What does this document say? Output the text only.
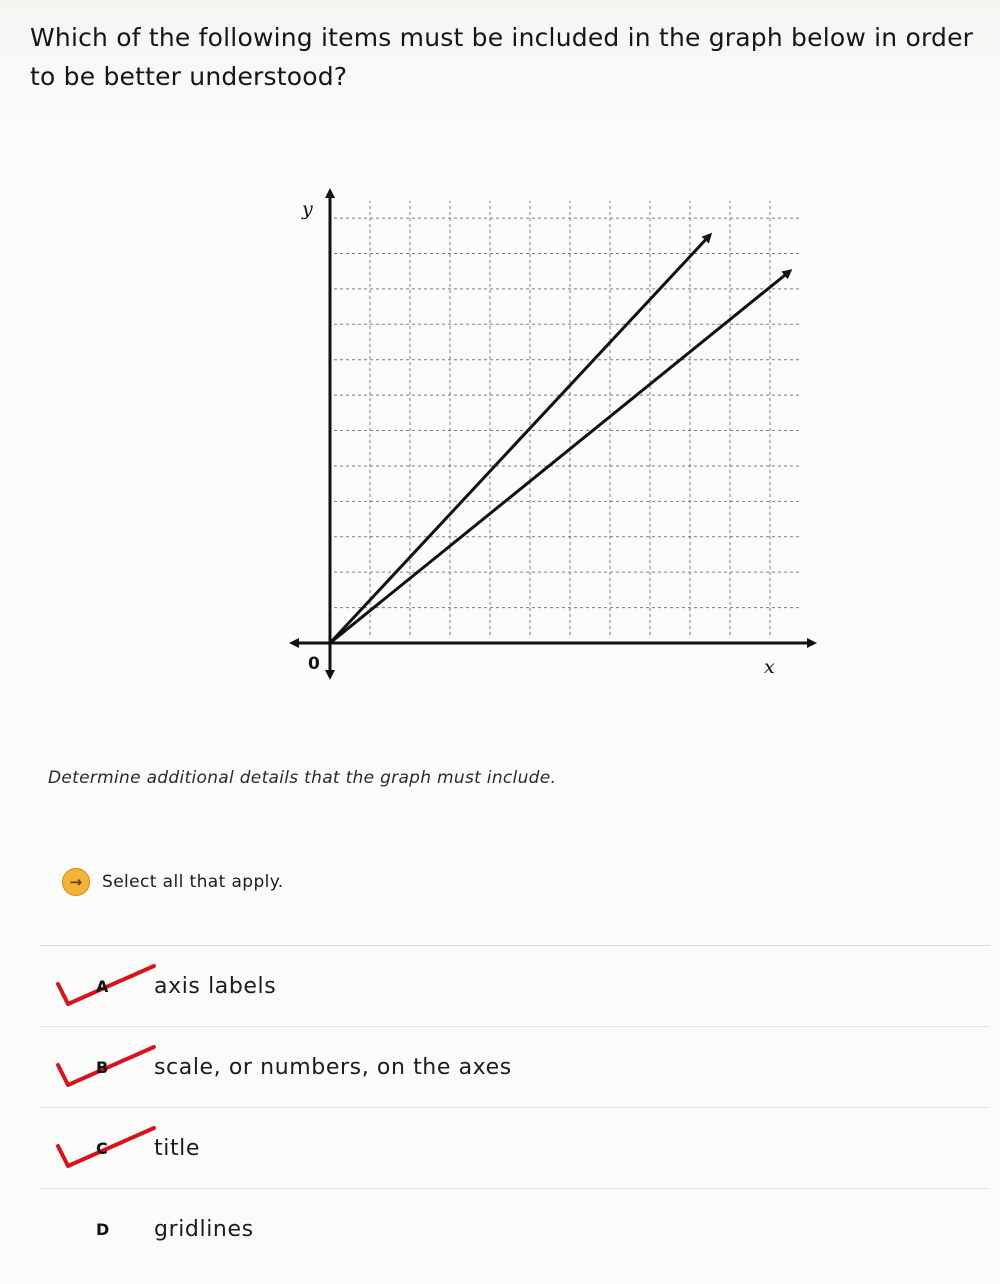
Which of the following items must be included in the graph below in order to be better understood?
y
x
0
Determine additional details that the graph must include.
→	Select all that apply.
A axis labels
B scale, or numbers, on the axes
C title
D gridlines
